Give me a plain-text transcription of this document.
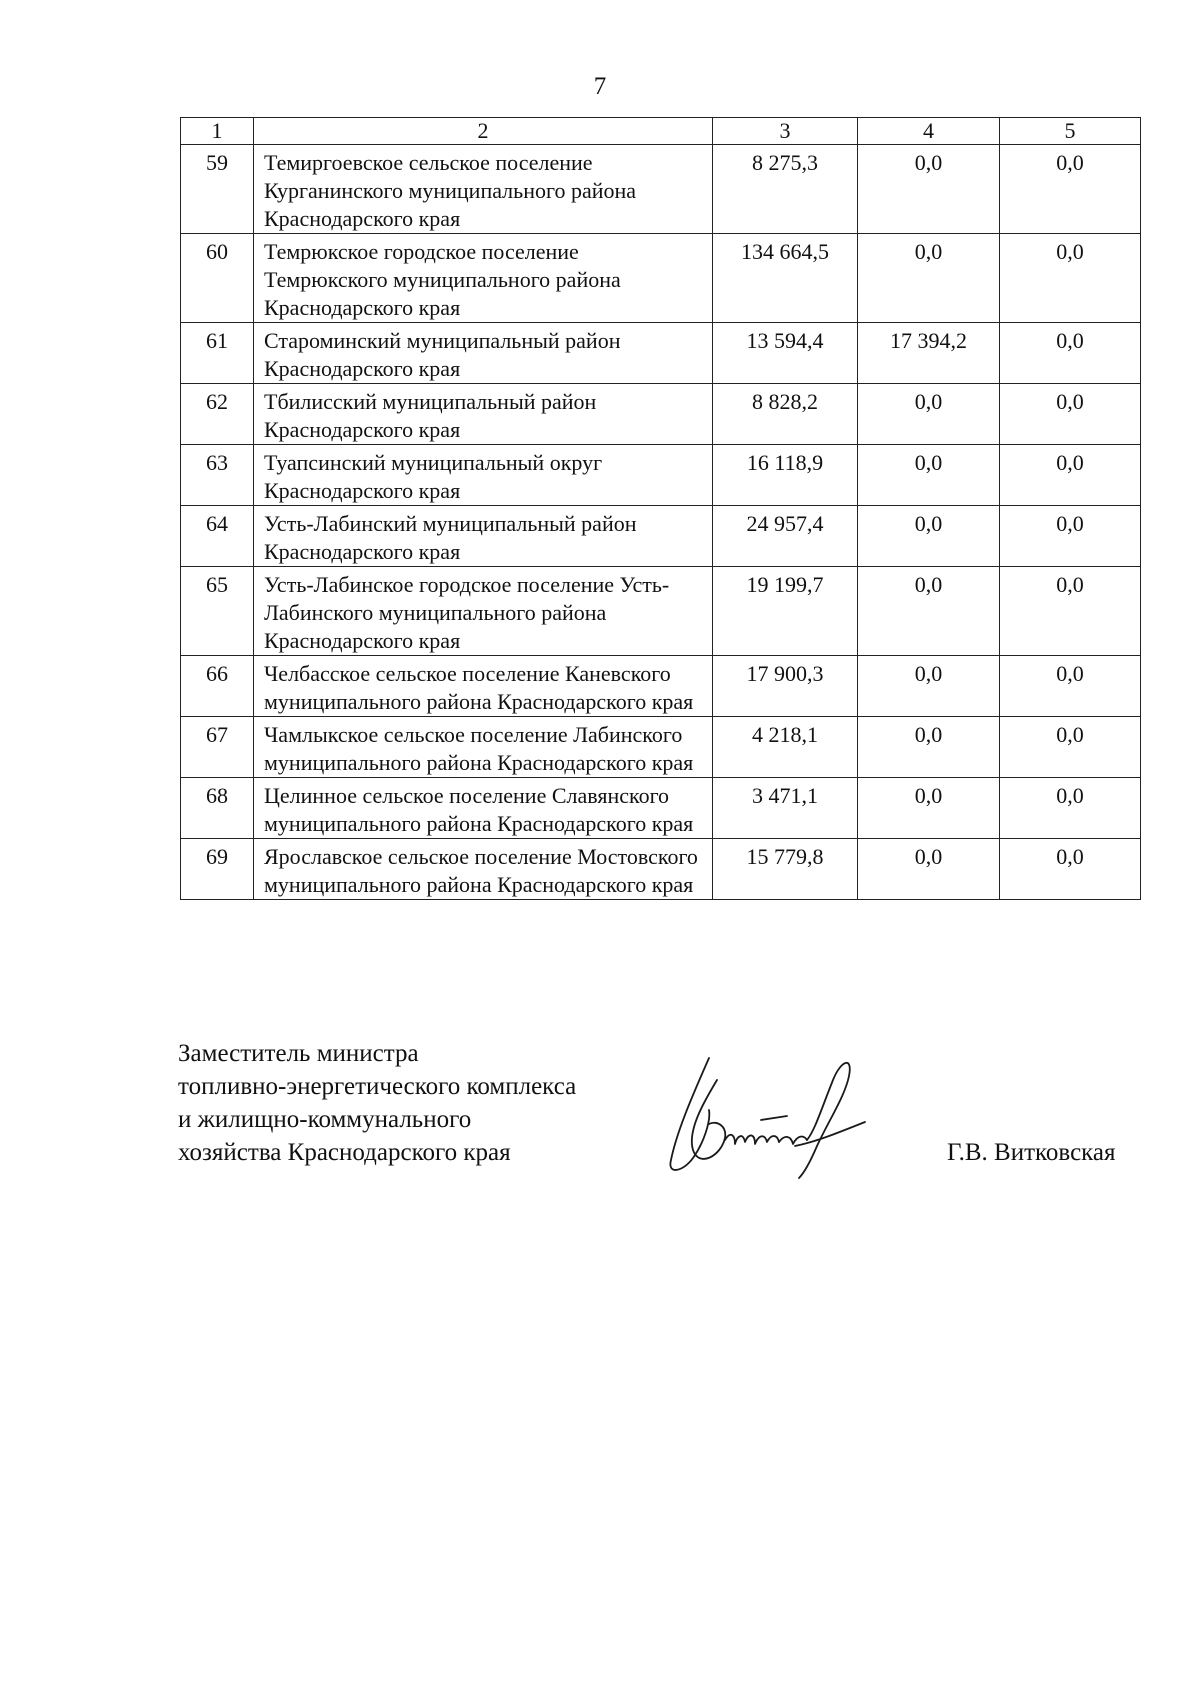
7
1	2	3	4	5
59	Темиргоевское сельское поселение Курганинского муниципального района Краснодарского края	8 275,3	0,0	0,0
60	Темрюкское городское поселение Темрюкского муниципального района Краснодарского края	134 664,5	0,0	0,0
61	Староминский муниципальный район Краснодарского края	13 594,4	17 394,2	0,0
62	Тбилисский муниципальный район Краснодарского края	8 828,2	0,0	0,0
63	Туапсинский муниципальный округ Краснодарского края	16 118,9	0,0	0,0
64	Усть-Лабинский муниципальный район Краснодарского края	24 957,4	0,0	0,0
65	Усть-Лабинское городское поселение Усть-Лабинского муниципального района Краснодарского края	19 199,7	0,0	0,0
66	Челбасское сельское поселение Каневского муниципального района Краснодарского края	17 900,3	0,0	0,0
67	Чамлыкское сельское поселение Лабинского муниципального района Краснодарского края	4 218,1	0,0	0,0
68	Целинное сельское поселение Славянского муниципального района Краснодарского края	3 471,1	0,0	0,0
69	Ярославское сельское поселение Мостовского муниципального района Краснодарского края	15 779,8	0,0	0,0
Заместитель министра
топливно-энергетического комплекса
и жилищно-коммунального
хозяйства Краснодарского края	Г.В. Витковская
